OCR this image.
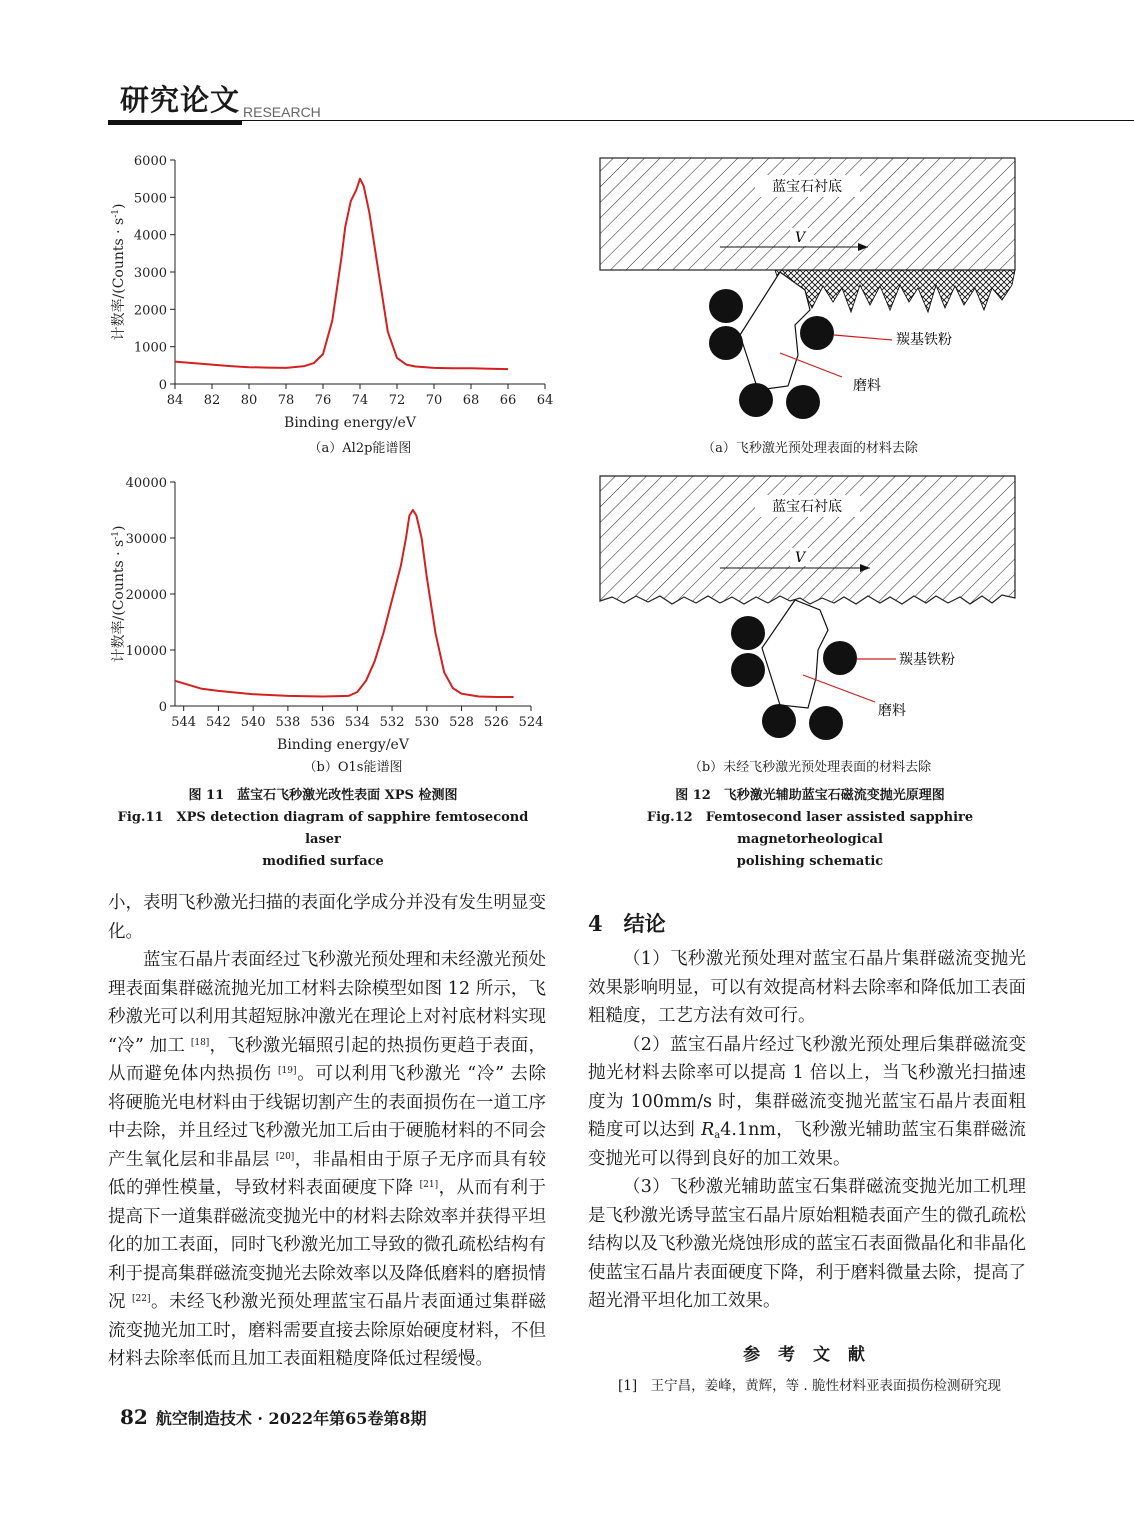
研究论文 RESEARCH
84 82 80 78 76 74 72 70 68 66 64
0
1000
2000
3000
4000
5000
6000
Binding energy/eV
计数率/(Counts · $s^{-1}$)
（a）Al2p能谱图
544 542 540 538 536 534 532 530 528 526 524
0
10000
20000
30000
40000
Binding energy/eV
计数率/(Counts · $s^{-1}$)
（b）O1s能谱图
蓝宝石衬底
V
羰基铁粉
磨料
（a）飞秒激光预处理表面的材料去除
蓝宝石衬底
V
羰基铁粉
磨料
（b）未经飞秒激光预处理表面的材料去除
图 11　蓝宝石飞秒激光改性表面 XPS 检测图
Fig.11　XPS detection diagram of sapphire femtosecond laser
modified surface
图 12　飞秒激光辅助蓝宝石磁流变抛光原理图
Fig.12　Femtosecond laser assisted sapphire magnetorheological
polishing schematic

小，表明飞秒激光扫描的表面化学成分并没有发生明显变化。

蓝宝石晶片表面经过飞秒激光预处理和未经激光预处理表面集群磁流抛光加工材料去除模型如图 12 所示，飞秒激光可以利用其超短脉冲激光在理论上对衬底材料实现 “冷” 加工 [18]，飞秒激光辐照引起的热损伤更趋于表面，从而避免体内热损伤 [19]。可以利用飞秒激光 “冷” 去除将硬脆光电材料由于线锯切割产生的表面损伤在一道工序中去除，并且经过飞秒激光加工后由于硬脆材料的不同会产生氧化层和非晶层 [20]，非晶相由于原子无序而具有较低的弹性模量，导致材料表面硬度下降 [21]，从而有利于提高下一道集群磁流变抛光中的材料去除效率并获得平坦化的加工表面，同时飞秒激光加工导致的微孔疏松结构有利于提高集群磁流变抛光去除效率以及降低磨料的磨损情况 [22]。未经飞秒激光预处理蓝宝石晶片表面通过集群磁流变抛光加工时，磨料需要直接去除原始硬度材料，不但材料去除率低而且加工表面粗糙度降低过程缓慢。

4　结论

（1）飞秒激光预处理对蓝宝石晶片集群磁流变抛光效果影响明显，可以有效提高材料去除率和降低加工表面粗糙度，工艺方法有效可行。

（2）蓝宝石晶片经过飞秒激光预处理后集群磁流变抛光材料去除率可以提高 1 倍以上，当飞秒激光扫描速度为 100mm/s 时，集群磁流变抛光蓝宝石晶片表面粗糙度可以达到 $R_a4.1nm$，飞秒激光辅助蓝宝石集群磁流变抛光可以得到良好的加工效果。

（3）飞秒激光辅助蓝宝石集群磁流变抛光加工机理是飞秒激光诱导蓝宝石晶片原始粗糙表面产生的微孔疏松结构以及飞秒激光烧蚀形成的蓝宝石表面微晶化和非晶化使蓝宝石晶片表面硬度下降，利于磨料微量去除，提高了超光滑平坦化加工效果。

参 考 文 献
[1]　王宁昌，姜峰，黄辉，等 . 脆性材料亚表面损伤检测研究现
82 航空制造技术 · 2022年第65卷第8期
